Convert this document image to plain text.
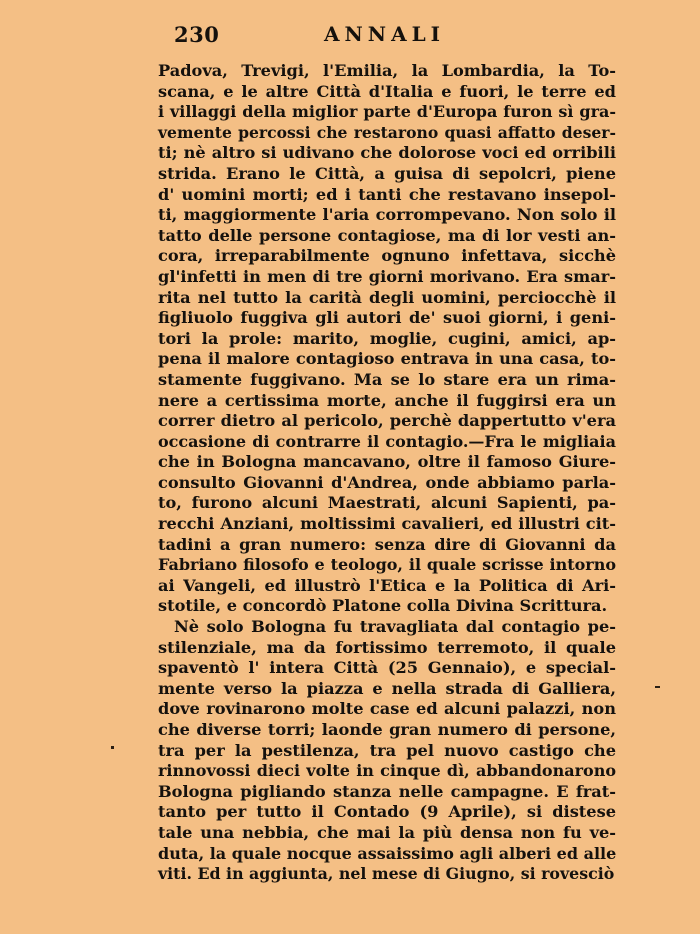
230	ANNALI
Padova, Trevigi, l'Emilia, la Lombardia, la To-
scana, e le altre Città d'Italia e fuori, le terre ed
i villaggi della miglior parte d'Europa furon sì gra-
vemente percossi che restarono quasi affatto deser-
ti; nè altro si udivano che dolorose voci ed orribili
strida. Erano le Città, a guisa di sepolcri, piene
d' uomini morti; ed i tanti che restavano insepol-
ti, maggiormente l'aria corrompevano. Non solo il
tatto delle persone contagiose, ma di lor vesti an-
cora, irreparabilmente ognuno infettava, sicchè
gl'infetti in men di tre giorni morivano. Era smar-
rita nel tutto la carità degli uomini, perciocchè il
figliuolo fuggiva gli autori de' suoi giorni, i geni-
tori la prole: marito, moglie, cugini, amici, ap-
pena il malore contagioso entrava in una casa, to-
stamente fuggivano. Ma se lo stare era un rima-
nere a certissima morte, anche il fuggirsi era un
correr dietro al pericolo, perchè dappertutto v'era
occasione di contrarre il contagio.—Fra le migliaia
che in Bologna mancavano, oltre il famoso Giure-
consulto Giovanni d'Andrea, onde abbiamo parla-
to, furono alcuni Maestrati, alcuni Sapienti, pa-
recchi Anziani, moltissimi cavalieri, ed illustri cit-
tadini a gran numero: senza dire di Giovanni da
Fabriano filosofo e teologo, il quale scrisse intorno
ai Vangeli, ed illustrò l'Etica e la Politica di Ari-
stotile, e concordò Platone colla Divina Scrittura.
Nè solo Bologna fu travagliata dal contagio pe-
stilenziale, ma da fortissimo terremoto, il quale
spaventò l' intera Città (25 Gennaio), e special-
mente verso la piazza e nella strada di Galliera,
dove rovinarono molte case ed alcuni palazzi, non
che diverse torri; laonde gran numero di persone,
tra per la pestilenza, tra pel nuovo castigo che
rinnovossi dieci volte in cinque dì, abbandonarono
Bologna pigliando stanza nelle campagne. E frat-
tanto per tutto il Contado (9 Aprile), si distese
tale una nebbia, che mai la più densa non fu ve-
duta, la quale nocque assaissimo agli alberi ed alle
viti. Ed in aggiunta, nel mese di Giugno, si rovesciò
